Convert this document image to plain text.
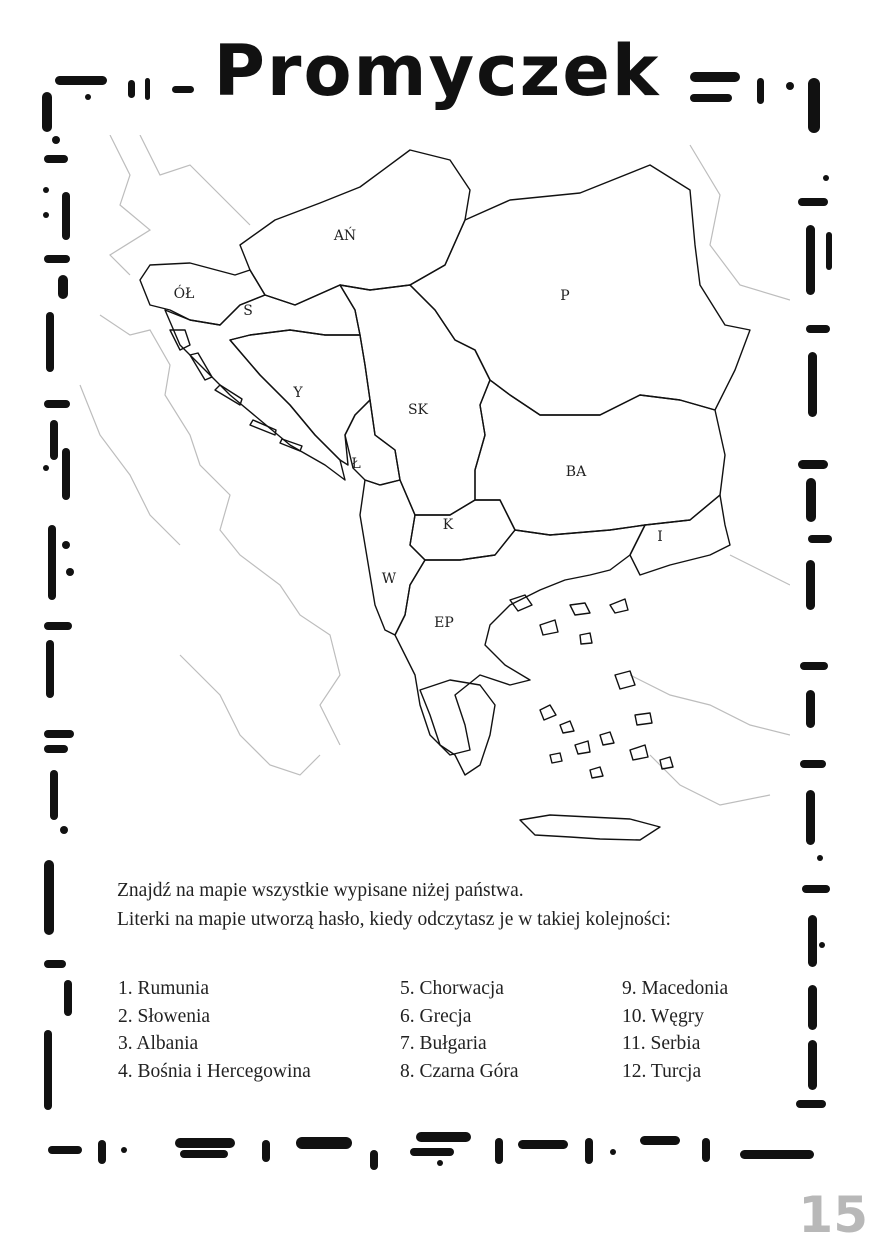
Promyczek
AŃ
P
ÓŁ
S
Y
SK
Ł	BA
K
I
W
EP
Znajdź na mapie wszystkie wypisane niżej państwa.
Literki na mapie utworzą hasło, kiedy odczytasz je w takiej kolejności:
1. Rumunia
2. Słowenia
3. Albania
4. Bośnia i Hercegowina
5. Chorwacja
6. Grecja
7. Bułgaria
8. Czarna Góra
9. Macedonia
10. Węgry
11. Serbia
12. Turcja
15
